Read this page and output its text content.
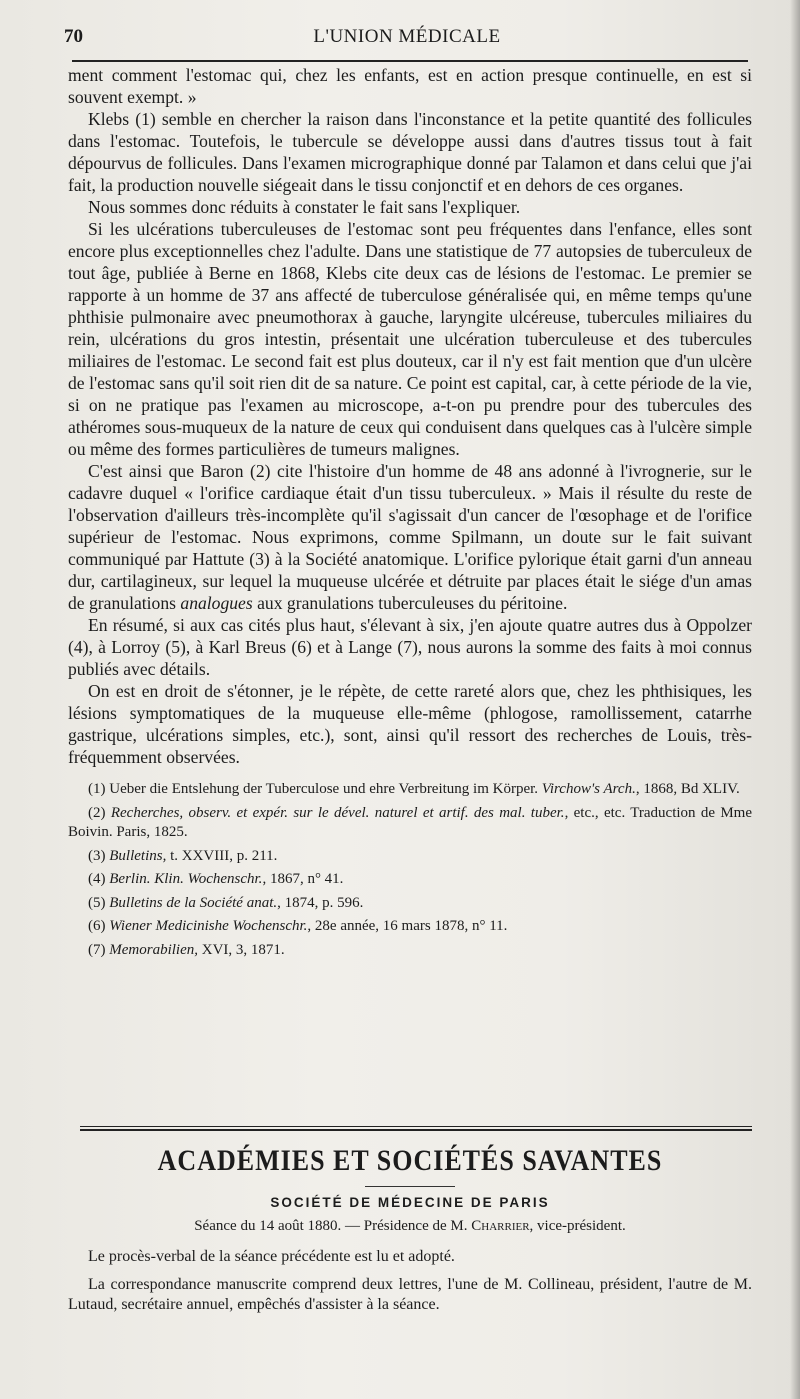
70	L'UNION MÉDICALE

ment comment l'estomac qui, chez les enfants, est en action presque continuelle, en est si souvent exempt. »

Klebs (1) semble en chercher la raison dans l'inconstance et la petite quantité des follicules dans l'estomac. Toutefois, le tubercule se développe aussi dans d'autres tissus tout à fait dépourvus de follicules. Dans l'examen micrographique donné par Talamon et dans celui que j'ai fait, la production nouvelle siégeait dans le tissu conjonctif et en dehors de ces organes.

Nous sommes donc réduits à constater le fait sans l'expliquer.

Si les ulcérations tuberculeuses de l'estomac sont peu fréquentes dans l'enfance, elles sont encore plus exceptionnelles chez l'adulte. Dans une statistique de 77 autopsies de tuberculeux de tout âge, publiée à Berne en 1868, Klebs cite deux cas de lésions de l'estomac. Le premier se rapporte à un homme de 37 ans affecté de tuberculose généralisée qui, en même temps qu'une phthisie pulmonaire avec pneumothorax à gauche, laryngite ulcéreuse, tubercules miliaires du rein, ulcérations du gros intestin, présentait une ulcération tuberculeuse et des tubercules miliaires de l'estomac. Le second fait est plus douteux, car il n'y est fait mention que d'un ulcère de l'estomac sans qu'il soit rien dit de sa nature. Ce point est capital, car, à cette période de la vie, si on ne pratique pas l'examen au microscope, a-t-on pu prendre pour des tubercules des athéromes sous-muqueux de la nature de ceux qui conduisent dans quelques cas à l'ulcère simple ou même des formes particulières de tumeurs malignes.

C'est ainsi que Baron (2) cite l'histoire d'un homme de 48 ans adonné à l'ivrognerie, sur le cadavre duquel « l'orifice cardiaque était d'un tissu tuberculeux. » Mais il résulte du reste de l'observation d'ailleurs très-incomplète qu'il s'agissait d'un cancer de l'œsophage et de l'orifice supérieur de l'estomac. Nous exprimons, comme Spilmann, un doute sur le fait suivant communiqué par Hattute (3) à la Société anatomique. L'orifice pylorique était garni d'un anneau dur, cartilagineux, sur lequel la muqueuse ulcérée et détruite par places était le siége d'un amas de granulations analogues aux granulations tuberculeuses du péritoine.

En résumé, si aux cas cités plus haut, s'élevant à six, j'en ajoute quatre autres dus à Oppolzer (4), à Lorroy (5), à Karl Breus (6) et à Lange (7), nous aurons la somme des faits à moi connus publiés avec détails.

On est en droit de s'étonner, je le répète, de cette rareté alors que, chez les phthisiques, les lésions symptomatiques de la muqueuse elle-même (phlogose, ramollissement, catarrhe gastrique, ulcérations simples, etc.), sont, ainsi qu'il ressort des recherches de Louis, très-fréquemment observées.

(1) Ueber die Entslehung der Tuberculose und ehre Verbreitung im Körper. Virchow's Arch., 1868, Bd XLIV.

(2) Recherches, observ. et expér. sur le dével. naturel et artif. des mal. tuber., etc., etc. Traduction de Mme Boivin. Paris, 1825.

(3) Bulletins, t. XXVIII, p. 211.

(4) Berlin. Klin. Wochenschr., 1867, n° 41.

(5) Bulletins de la Société anat., 1874, p. 596.

(6) Wiener Medicinishe Wochenschr., 28e année, 16 mars 1878, n° 11.

(7) Memorabilien, XVI, 3, 1871.

ACADÉMIES ET SOCIÉTÉS SAVANTES
SOCIÉTÉ DE MÉDECINE DE PARIS

Séance du 14 août 1880. — Présidence de M. Charrier, vice-président.

Le procès-verbal de la séance précédente est lu et adopté.

La correspondance manuscrite comprend deux lettres, l'une de M. Collineau, président, l'autre de M. Lutaud, secrétaire annuel, empêchés d'assister à la séance.
